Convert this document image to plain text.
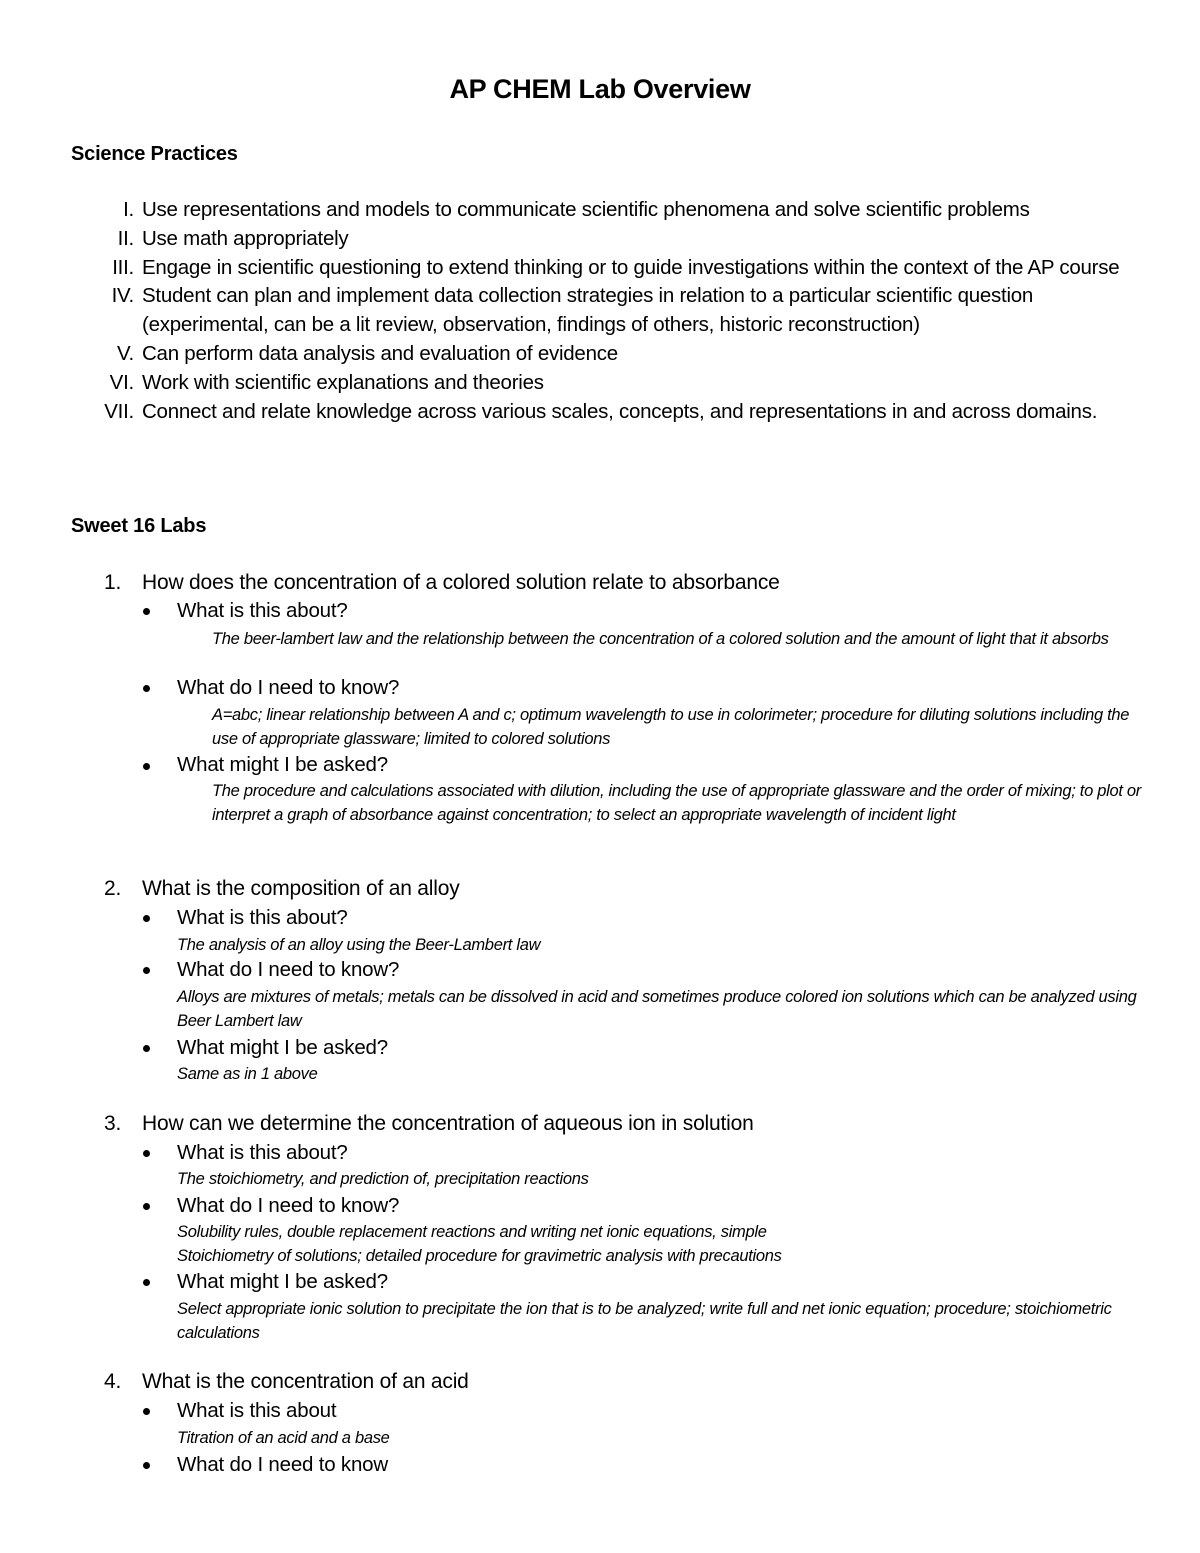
AP CHEM Lab Overview
Science Practices
I. Use representations and models to communicate scientific phenomena and solve scientific problems
II. Use math appropriately
III. Engage in scientific questioning to extend thinking or to guide investigations within the context of the AP course
IV. Student can plan and implement data collection strategies in relation to a particular scientific question (experimental, can be a lit review, observation, findings of others, historic reconstruction)
V. Can perform data analysis and evaluation of evidence
VI. Work with scientific explanations and theories
VII. Connect and relate knowledge across various scales, concepts, and representations in and across domains.
Sweet 16 Labs
1. How does the concentration of a colored solution relate to absorbance
What is this about?
The beer-lambert law and the relationship between the concentration of a colored solution and the amount of light that it absorbs
What do I need to know?
A=abc; linear relationship between A and c; optimum wavelength to use in colorimeter; procedure for diluting solutions including the use of appropriate glassware; limited to colored solutions
What might I be asked?
The procedure and calculations associated with dilution, including the use of appropriate glassware and the order of mixing; to plot or interpret a graph of absorbance against concentration; to select an appropriate wavelength of incident light
2. What is the composition of an alloy
What is this about?
The analysis of an alloy using the Beer-Lambert law
What do I need to know?
Alloys are mixtures of metals; metals can be dissolved in acid and sometimes produce colored ion solutions which can be analyzed using Beer Lambert law
What might I be asked?
Same as in 1 above
3. How can we determine the concentration of aqueous ion in solution
What is this about?
The stoichiometry, and prediction of, precipitation reactions
What do I need to know?
Solubility rules, double replacement reactions and writing net ionic equations, simple
Stoichiometry of solutions; detailed procedure for gravimetric analysis with precautions
What might I be asked?
Select appropriate ionic solution to precipitate the ion that is to be analyzed; write full and net ionic equation; procedure; stoichiometric calculations
4. What is the concentration of an acid
What is this about
Titration of an acid and a base
What do I need to know
